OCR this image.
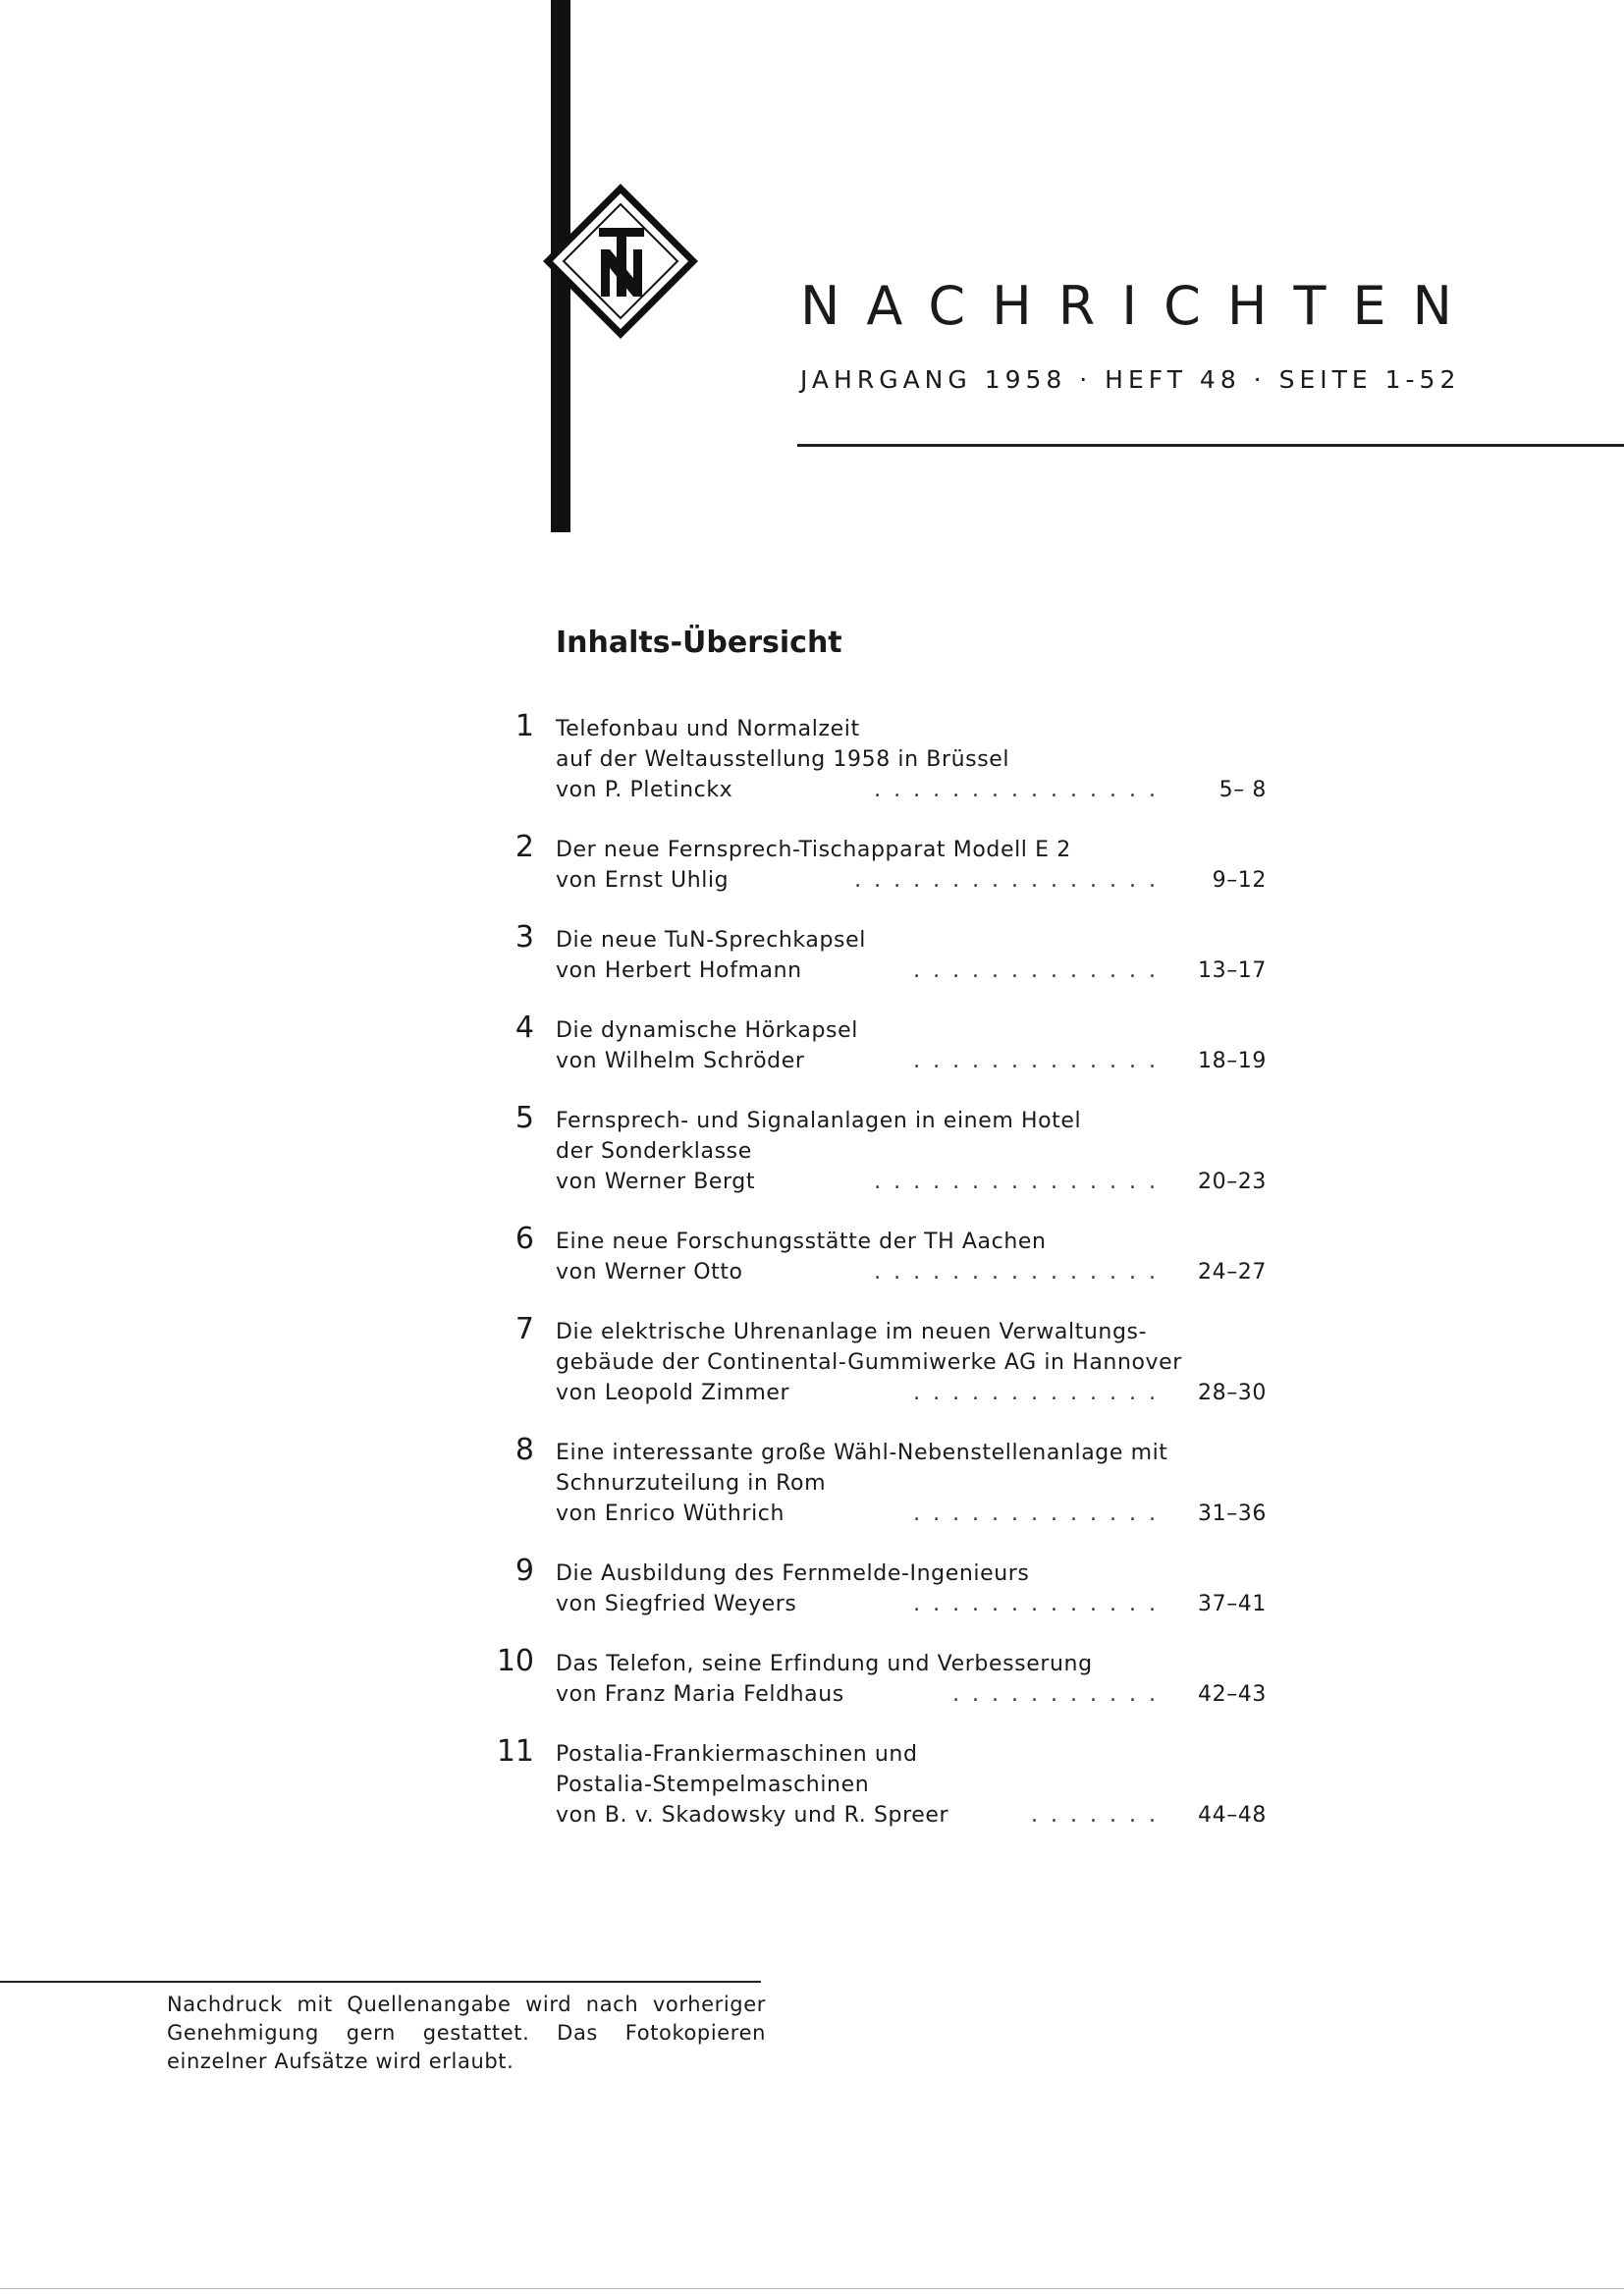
NACHRICHTEN
JAHRGANG 1958 · HEFT 48 · SEITE 1-52
Inhalts-Übersicht
1 Telefonbau und Normalzeit
auf der Weltausstellung 1958 in Brüssel
von P. Pletinckx	...............	5– 8
2 Der neue Fernsprech-Tischapparat Modell E 2
von Ernst Uhlig	................	9–12
3 Die neue TuN-Sprechkapsel
von Herbert Hofmann	.............	13–17
4 Die dynamische Hörkapsel
von Wilhelm Schröder	.............	18–19
5 Fernsprech- und Signalanlagen in einem Hotel
der Sonderklasse
von Werner Bergt	...............	20–23
6 Eine neue Forschungsstätte der TH Aachen
von Werner Otto	...............	24–27
7 Die elektrische Uhrenanlage im neuen Verwaltungs-
gebäude der Continental-Gummiwerke AG in Hannover
von Leopold Zimmer	.............	28–30
8 Eine interessante große Wähl-Nebenstellenanlage mit
Schnurzuteilung in Rom
von Enrico Wüthrich	.............	31–36
9 Die Ausbildung des Fernmelde-Ingenieurs
von Siegfried Weyers	.............	37–41
10 Das Telefon, seine Erfindung und Verbesserung
von Franz Maria Feldhaus	...........	42–43
11 Postalia-Frankiermaschinen und
Postalia-Stempelmaschinen
von B. v. Skadowsky und R. Spreer	.......	44–48

Nachdruck mit Quellenangabe wird nach vorheriger Genehmigung gern gestattet. Das Fotokopieren einzelner Aufsätze wird erlaubt.
